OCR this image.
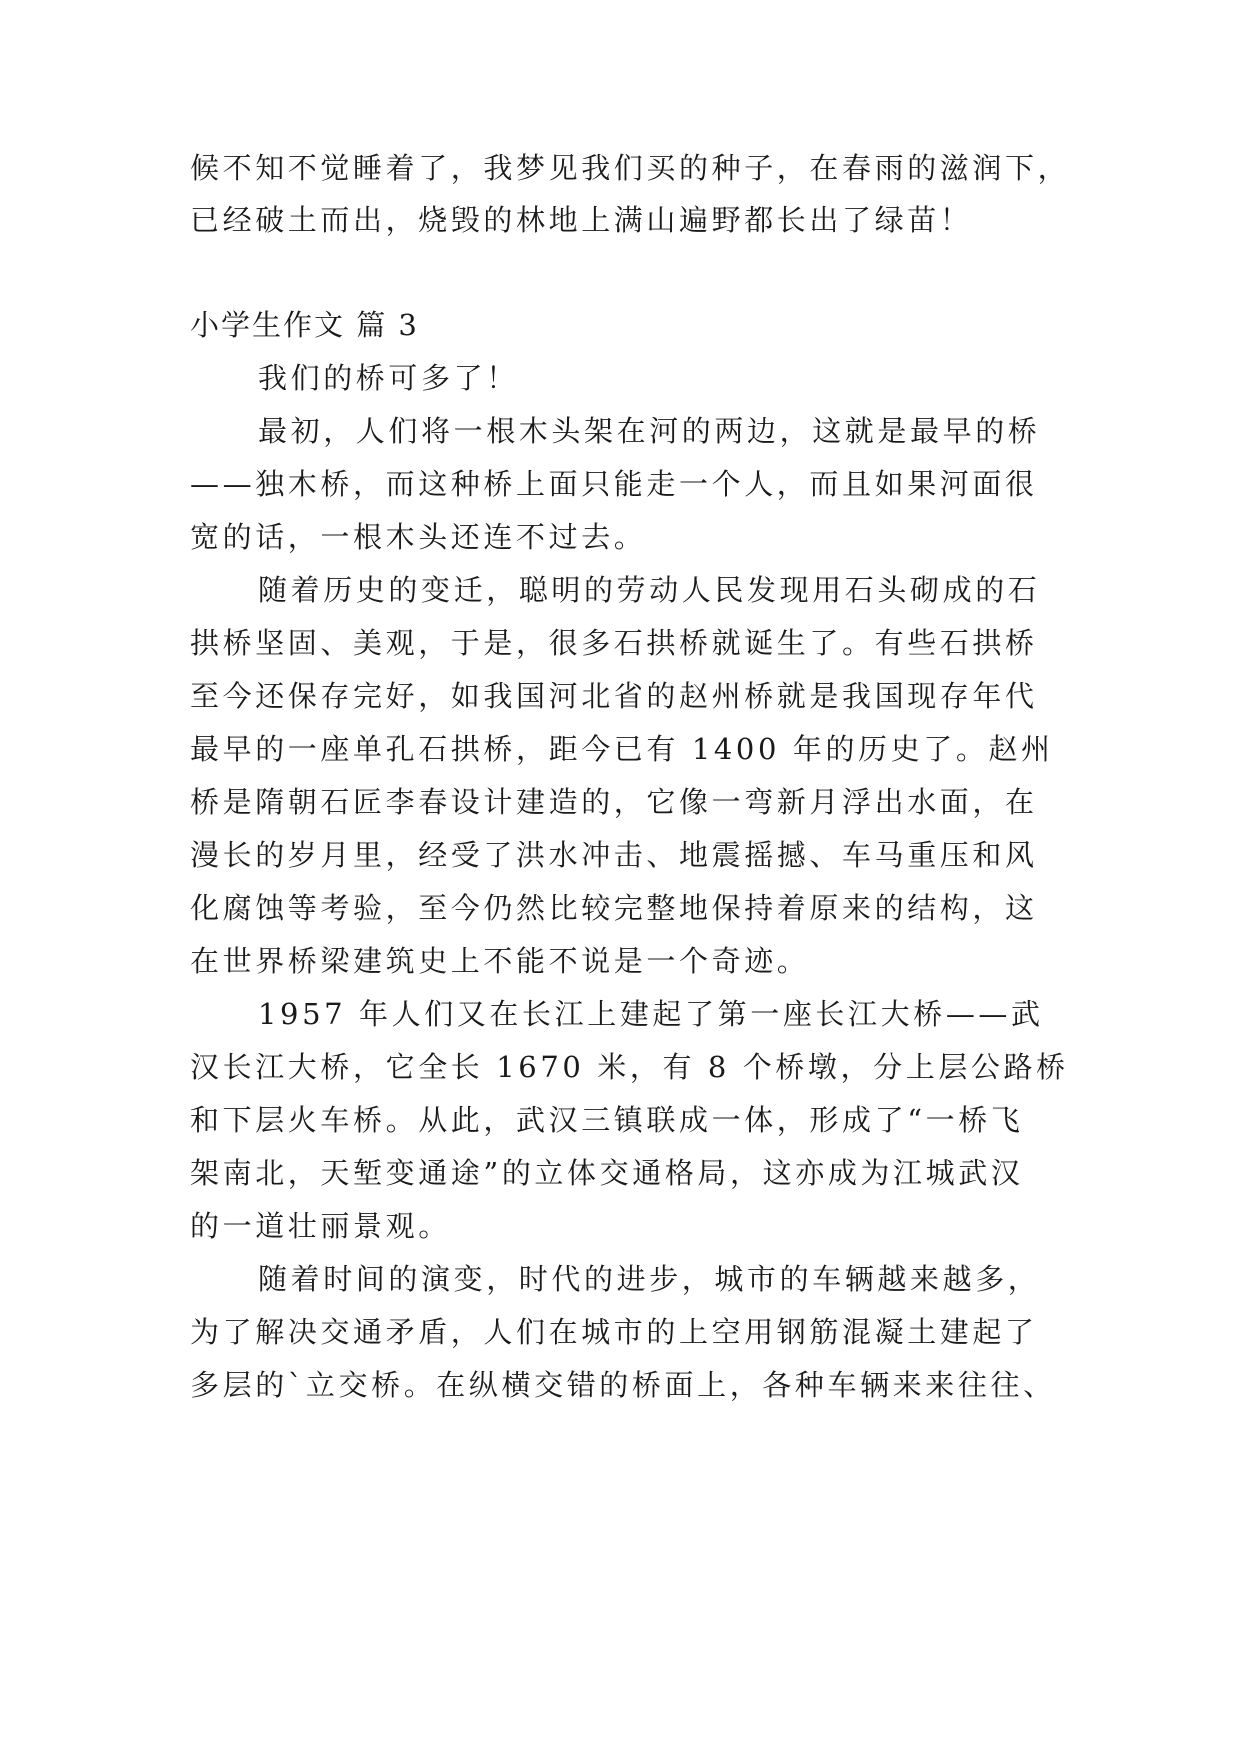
候不知不觉睡着了，我梦见我们买的种子，在春雨的滋润下，
已经破土而出，烧毁的林地上满山遍野都长出了绿苗！
小学生作文 篇 3
我们的桥可多了！
最初，人们将一根木头架在河的两边，这就是最早的桥
——独木桥，而这种桥上面只能走一个人，而且如果河面很
宽的话，一根木头还连不过去。
随着历史的变迁，聪明的劳动人民发现用石头砌成的石
拱桥坚固、美观，于是，很多石拱桥就诞生了。有些石拱桥
至今还保存完好，如我国河北省的赵州桥就是我国现存年代
最早的一座单孔石拱桥，距今已有 1400 年的历史了。赵州
桥是隋朝石匠李春设计建造的，它像一弯新月浮出水面，在
漫长的岁月里，经受了洪水冲击、地震摇撼、车马重压和风
化腐蚀等考验，至今仍然比较完整地保持着原来的结构，这
在世界桥梁建筑史上不能不说是一个奇迹。
1957 年人们又在长江上建起了第一座长江大桥——武
汉长江大桥，它全长 1670 米，有 8 个桥墩，分上层公路桥
和下层火车桥。从此，武汉三镇联成一体，形成了“一桥飞
架南北，天堑变通途”的立体交通格局，这亦成为江城武汉
的一道壮丽景观。
随着时间的演变，时代的进步，城市的车辆越来越多，
为了解决交通矛盾，人们在城市的上空用钢筋混凝土建起了
多层的`立交桥。在纵横交错的桥面上，各种车辆来来往往、
